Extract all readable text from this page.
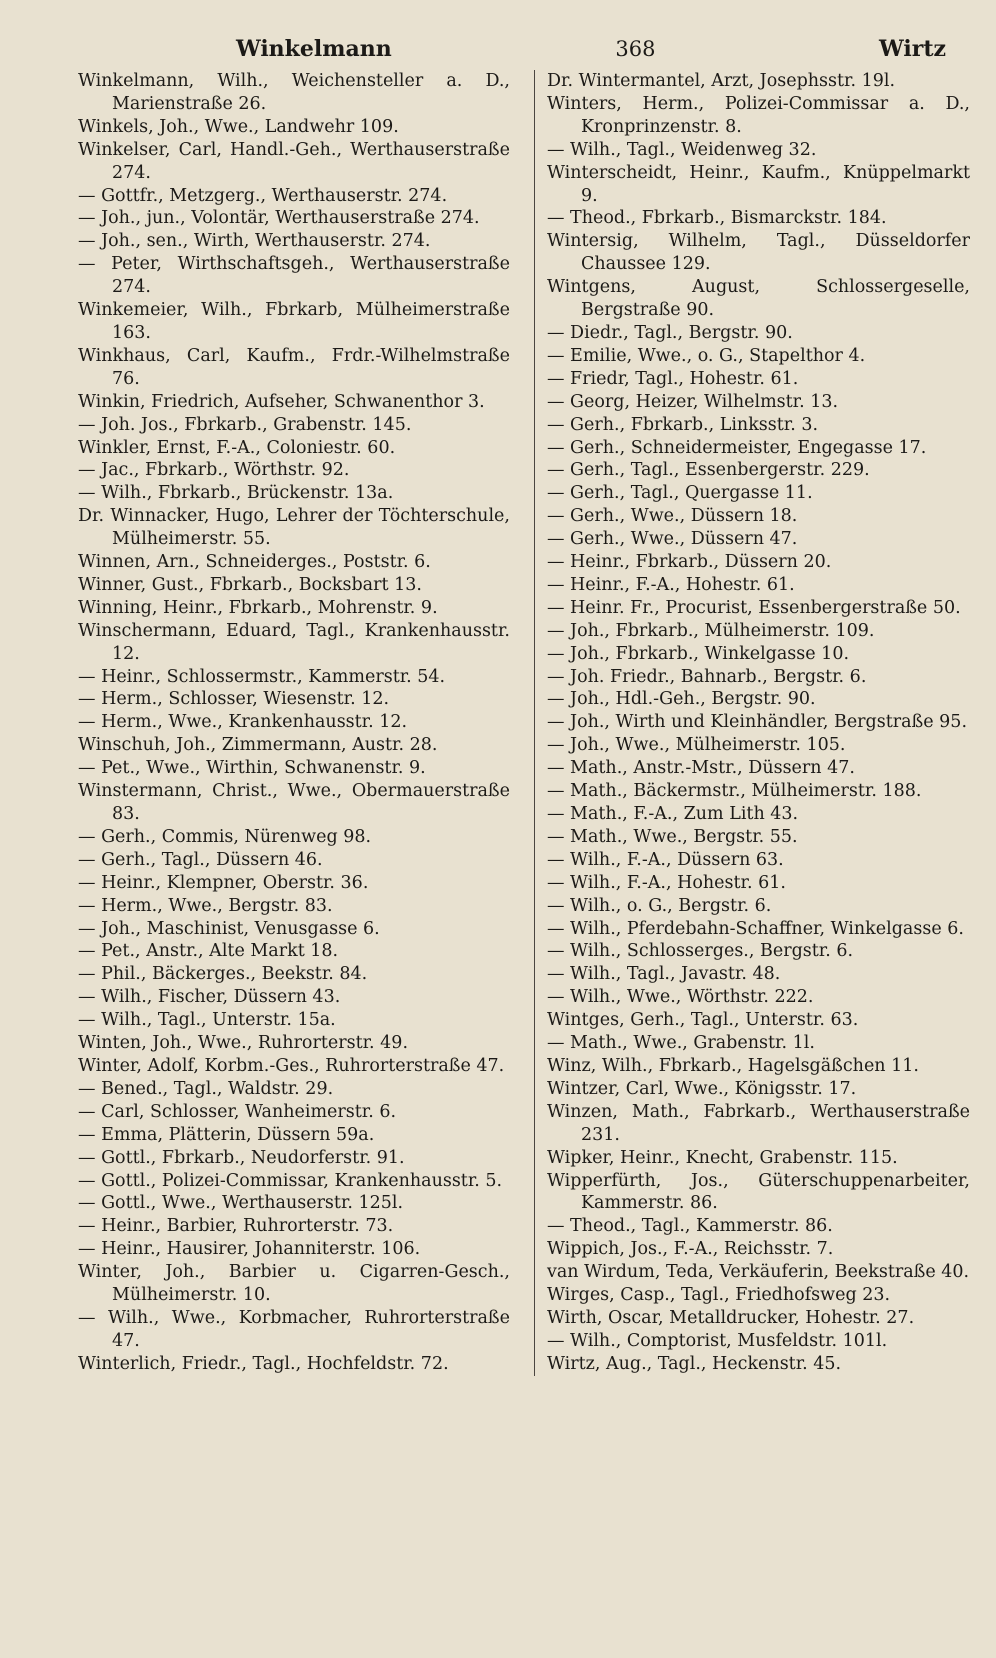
Winkelmann	368	Wirtz
Winkelmann, Wilh., Weichensteller a. D., Marienstraße 26.
Winkels, Joh., Wwe., Landwehr 109.
Winkelser, Carl, Handl.-Geh., Werthauserstraße 274.
— Gottfr., Metzgerg., Werthauserstr. 274.
— Joh., jun., Volontär, Werthauserstraße 274.
— Joh., sen., Wirth, Werthauserstr. 274.
— Peter, Wirthschaftsgeh., Werthauserstraße 274.
Winkemeier, Wilh., Fbrkarb, Mülheimerstraße 163.
Winkhaus, Carl, Kaufm., Frdr.-Wilhelmstraße 76.
Winkin, Friedrich, Aufseher, Schwanenthor 3.
— Joh. Jos., Fbrkarb., Grabenstr. 145.
Winkler, Ernst, F.-A., Coloniestr. 60.
— Jac., Fbrkarb., Wörthstr. 92.
— Wilh., Fbrkarb., Brückenstr. 13a.
Dr. Winnacker, Hugo, Lehrer der Töchterschule, Mülheimerstr. 55.
Winnen, Arn., Schneiderges., Poststr. 6.
Winner, Gust., Fbrkarb., Bocksbart 13.
Winning, Heinr., Fbrkarb., Mohrenstr. 9.
Winschermann, Eduard, Tagl., Krankenhausstr. 12.
— Heinr., Schlossermstr., Kammerstr. 54.
— Herm., Schlosser, Wiesenstr. 12.
— Herm., Wwe., Krankenhausstr. 12.
Winschuh, Joh., Zimmermann, Austr. 28.
— Pet., Wwe., Wirthin, Schwanenstr. 9.
Winstermann, Christ., Wwe., Obermauerstraße 83.
— Gerh., Commis, Nürenweg 98.
— Gerh., Tagl., Düssern 46.
— Heinr., Klempner, Oberstr. 36.
— Herm., Wwe., Bergstr. 83.
— Joh., Maschinist, Venusgasse 6.
— Pet., Anstr., Alte Markt 18.
— Phil., Bäckerges., Beekstr. 84.
— Wilh., Fischer, Düssern 43.
— Wilh., Tagl., Unterstr. 15a.
Winten, Joh., Wwe., Ruhrorterstr. 49.
Winter, Adolf, Korbm.-Ges., Ruhrorterstraße 47.
— Bened., Tagl., Waldstr. 29.
— Carl, Schlosser, Wanheimerstr. 6.
— Emma, Plätterin, Düssern 59a.
— Gottl., Fbrkarb., Neudorferstr. 91.
— Gottl., Polizei-Commissar, Krankenhausstr. 5.
— Gottl., Wwe., Werthauserstr. 125l.
— Heinr., Barbier, Ruhrorterstr. 73.
— Heinr., Hausirer, Johanniterstr. 106.
Winter, Joh., Barbier u. Cigarren-Gesch., Mülheimerstr. 10.
— Wilh., Wwe., Korbmacher, Ruhrorterstraße 47.
Winterlich, Friedr., Tagl., Hochfeldstr. 72.
Dr. Wintermantel, Arzt, Josephsstr. 19l.
Winters, Herm., Polizei-Commissar a. D., Kronprinzenstr. 8.
— Wilh., Tagl., Weidenweg 32.
Winterscheidt, Heinr., Kaufm., Knüppelmarkt 9.
— Theod., Fbrkarb., Bismarckstr. 184.
Wintersig, Wilhelm, Tagl., Düsseldorfer Chaussee 129.
Wintgens, August, Schlossergeselle, Bergstraße 90.
— Diedr., Tagl., Bergstr. 90.
— Emilie, Wwe., o. G., Stapelthor 4.
— Friedr, Tagl., Hohestr. 61.
— Georg, Heizer, Wilhelmstr. 13.
— Gerh., Fbrkarb., Linksstr. 3.
— Gerh., Schneidermeister, Engegasse 17.
— Gerh., Tagl., Essenbergerstr. 229.
— Gerh., Tagl., Quergasse 11.
— Gerh., Wwe., Düssern 18.
— Gerh., Wwe., Düssern 47.
— Heinr., Fbrkarb., Düssern 20.
— Heinr., F.-A., Hohestr. 61.
— Heinr. Fr., Procurist, Essenbergerstraße 50.
— Joh., Fbrkarb., Mülheimerstr. 109.
— Joh., Fbrkarb., Winkelgasse 10.
— Joh. Friedr., Bahnarb., Bergstr. 6.
— Joh., Hdl.-Geh., Bergstr. 90.
— Joh., Wirth und Kleinhändler, Bergstraße 95.
— Joh., Wwe., Mülheimerstr. 105.
— Math., Anstr.-Mstr., Düssern 47.
— Math., Bäckermstr., Mülheimerstr. 188.
— Math., F.-A., Zum Lith 43.
— Math., Wwe., Bergstr. 55.
— Wilh., F.-A., Düssern 63.
— Wilh., F.-A., Hohestr. 61.
— Wilh., o. G., Bergstr. 6.
— Wilh., Pferdebahn-Schaffner, Winkelgasse 6.
— Wilh., Schlosserges., Bergstr. 6.
— Wilh., Tagl., Javastr. 48.
— Wilh., Wwe., Wörthstr. 222.
Wintges, Gerh., Tagl., Unterstr. 63.
— Math., Wwe., Grabenstr. 1l.
Winz, Wilh., Fbrkarb., Hagelsgäßchen 11.
Wintzer, Carl, Wwe., Königsstr. 17.
Winzen, Math., Fabrkarb., Werthauserstraße 231.
Wipker, Heinr., Knecht, Grabenstr. 115.
Wipperfürth, Jos., Güterschuppenarbeiter, Kammerstr. 86.
— Theod., Tagl., Kammerstr. 86.
Wippich, Jos., F.-A., Reichsstr. 7.
van Wirdum, Teda, Verkäuferin, Beekstraße 40.
Wirges, Casp., Tagl., Friedhofsweg 23.
Wirth, Oscar, Metalldrucker, Hohestr. 27.
— Wilh., Comptorist, Musfeldstr. 101l.
Wirtz, Aug., Tagl., Heckenstr. 45.
